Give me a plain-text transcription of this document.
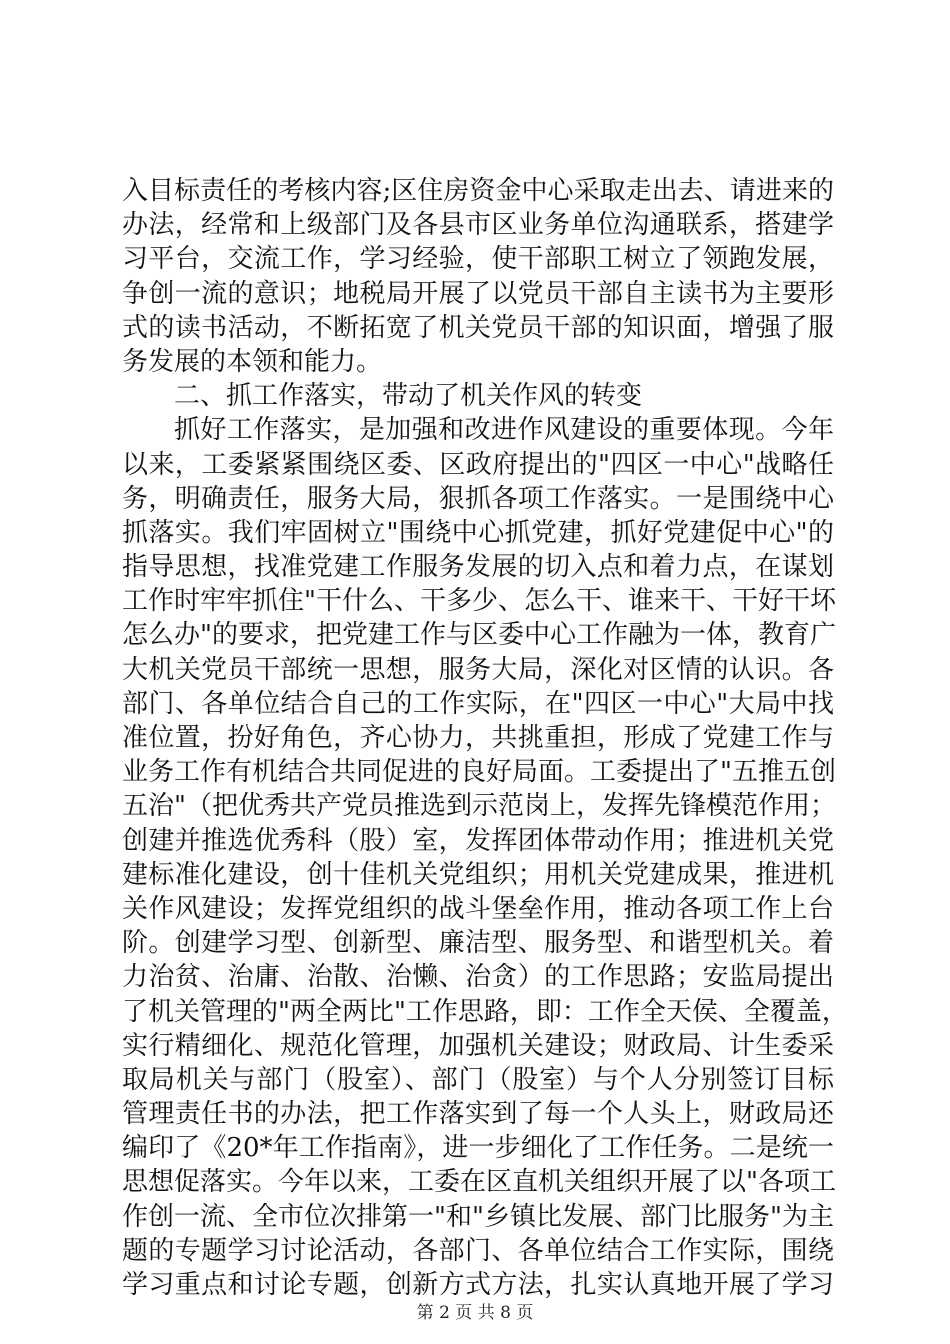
入目标责任的考核内容;区住房资金中心采取走出去、请进来的
办法，经常和上级部门及各县市区业务单位沟通联系，搭建学
习平台，交流工作，学习经验，使干部职工树立了领跑发展，
争创一流的意识；地税局开展了以党员干部自主读书为主要形
式的读书活动，不断拓宽了机关党员干部的知识面，增强了服
务发展的本领和能力。
二、抓工作落实，带动了机关作风的转变
抓好工作落实，是加强和改进作风建设的重要体现。今年
以来，工委紧紧围绕区委、区政府提出的"四区一中心"战略任
务，明确责任，服务大局，狠抓各项工作落实。一是围绕中心
抓落实。我们牢固树立"围绕中心抓党建，抓好党建促中心"的
指导思想，找准党建工作服务发展的切入点和着力点，在谋划
工作时牢牢抓住"干什么、干多少、怎么干、谁来干、干好干坏
怎么办"的要求，把党建工作与区委中心工作融为一体，教育广
大机关党员干部统一思想，服务大局，深化对区情的认识。各
部门、各单位结合自己的工作实际，在"四区一中心"大局中找
准位置，扮好角色，齐心协力，共挑重担，形成了党建工作与
业务工作有机结合共同促进的良好局面。工委提出了"五推五创
五治"（把优秀共产党员推选到示范岗上，发挥先锋模范作用；
创建并推选优秀科（股）室，发挥团体带动作用；推进机关党
建标准化建设，创十佳机关党组织；用机关党建成果，推进机
关作风建设；发挥党组织的战斗堡垒作用，推动各项工作上台
阶。创建学习型、创新型、廉洁型、服务型、和谐型机关。着
力治贫、治庸、治散、治懒、治贪）的工作思路；安监局提出
了机关管理的"两全两比"工作思路，即：工作全天侯、全覆盖，
实行精细化、规范化管理，加强机关建设；财政局、计生委采
取局机关与部门（股室）、部门（股室）与个人分别签订目标
管理责任书的办法，把工作落实到了每一个人头上，财政局还
编印了《20*年工作指南》，进一步细化了工作任务。二是统一
思想促落实。今年以来，工委在区直机关组织开展了以"各项工
作创一流、全市位次排第一"和"乡镇比发展、部门比服务"为主
题的专题学习讨论活动，各部门、各单位结合工作实际，围绕
学习重点和讨论专题，创新方式方法，扎实认真地开展了学习
第 2 页 共 8 页
